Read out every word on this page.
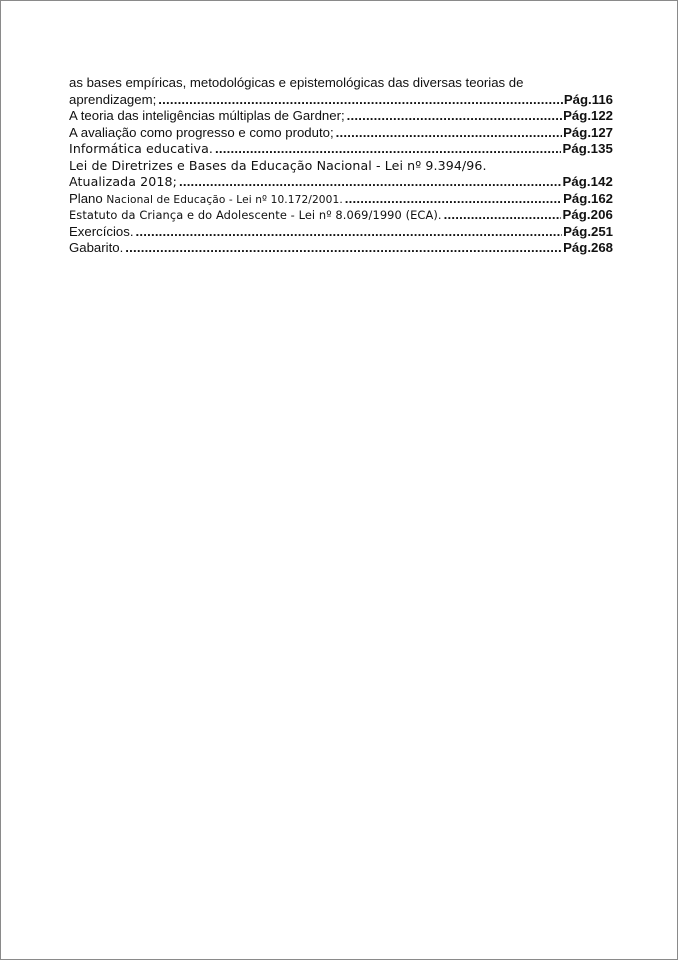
as bases empíricas, metodológicas e epistemológicas das diversas teorias de
aprendizagem; .....	Pág.116
A teoria das inteligências múltiplas de Gardner; .....	Pág.122
A avaliação como progresso e como produto; .....	Pág.127
Informática educativa. .....	Pág.135
Lei de Diretrizes e Bases da Educação Nacional - Lei nº 9.394/96.
Atualizada 2018; .....	Pág.142
Plano Nacional de Educação - Lei nº 10.172/2001. .....	Pág.162
Estatuto da Criança e do Adolescente - Lei nº 8.069/1990 (ECA). .....	Pág.206
Exercícios. .....	Pág.251
Gabarito. .....	Pág.268
